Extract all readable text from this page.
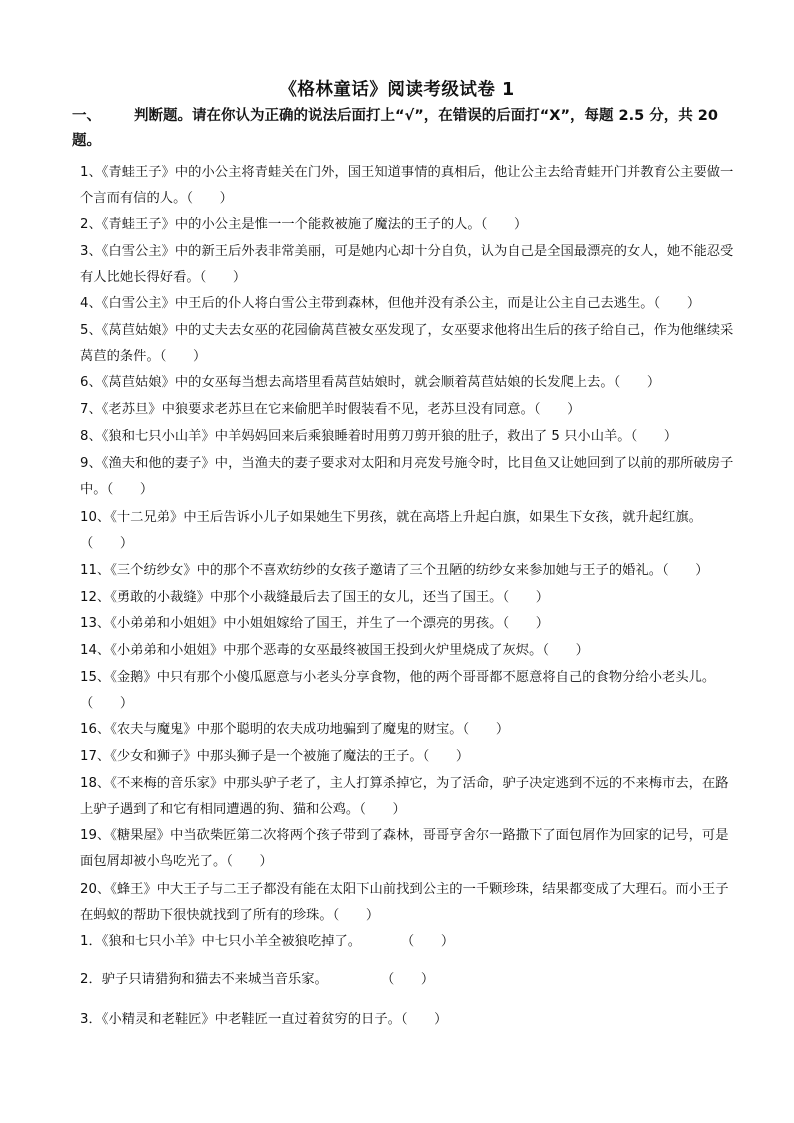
《格林童话》阅读考级试卷 1
一、 判断题。请在你认为正确的说法后面打上“√”，在错误的后面打“Χ”，每题 2.5 分，共 20 题。
1、《青蛙王子》中的小公主将青蛙关在门外，国王知道事情的真相后，他让公主去给青蛙开门并教育公主要做一个言而有信的人。（　　）
2、《青蛙王子》中的小公主是惟一一个能救被施了魔法的王子的人。（　　）
3、《白雪公主》中的新王后外表非常美丽，可是她内心却十分自负，认为自己是全国最漂亮的女人，她不能忍受有人比她长得好看。（　　）
4、《白雪公主》中王后的仆人将白雪公主带到森林，但他并没有杀公主，而是让公主自己去逃生。（　　）
5、《莴苣姑娘》中的丈夫去女巫的花园偷莴苣被女巫发现了，女巫要求他将出生后的孩子给自己，作为他继续采莴苣的条件。（　　）
6、《莴苣姑娘》中的女巫每当想去高塔里看莴苣姑娘时，就会顺着莴苣姑娘的长发爬上去。（　　）
7、《老苏旦》中狼要求老苏旦在它来偷肥羊时假装看不见，老苏旦没有同意。（　　）
8、《狼和七只小山羊》中羊妈妈回来后乘狼睡着时用剪刀剪开狼的肚子，救出了 5 只小山羊。（　　）
9、《渔夫和他的妻子》中，当渔夫的妻子要求对太阳和月亮发号施令时，比目鱼又让她回到了以前的那所破房子中。（　　）
10、《十二兄弟》中王后告诉小儿子如果她生下男孩，就在高塔上升起白旗，如果生下女孩，就升起红旗。（　　）
11、《三个纺纱女》中的那个不喜欢纺纱的女孩子邀请了三个丑陋的纺纱女来参加她与王子的婚礼。（　　）
12、《勇敢的小裁缝》中那个小裁缝最后去了国王的女儿，还当了国王。（　　）
13、《小弟弟和小姐姐》中小姐姐嫁给了国王，并生了一个漂亮的男孩。（　　）
14、《小弟弟和小姐姐》中那个恶毒的女巫最终被国王投到火炉里烧成了灰烬。（　　）
15、《金鹅》中只有那个小傻瓜愿意与小老头分享食物，他的两个哥哥都不愿意将自己的食物分给小老头儿。（　　）
16、《农夫与魔鬼》中那个聪明的农夫成功地骗到了魔鬼的财宝。（　　）
17、《少女和狮子》中那头狮子是一个被施了魔法的王子。（　　）
18、《不来梅的音乐家》中那头驴子老了，主人打算杀掉它，为了活命，驴子决定逃到不远的不来梅市去，在路上驴子遇到了和它有相同遭遇的狗、猫和公鸡。（　　）
19、《糖果屋》中当砍柴匠第二次将两个孩子带到了森林，哥哥亨舍尔一路撒下了面包屑作为回家的记号，可是面包屑却被小鸟吃光了。（　　）
20、《蜂王》中大王子与二王子都没有能在太阳下山前找到公主的一千颗珍珠，结果都变成了大理石。而小王子在蚂蚁的帮助下很快就找到了所有的珍珠。（　　）
1．《狼和七只小羊》中七只小羊全被狼吃掉了。　　　　（　　）
2．驴子只请猎狗和猫去不来城当音乐家。　　　　　（　　）
3．《小精灵和老鞋匠》中老鞋匠一直过着贫穷的日子。（　　）
